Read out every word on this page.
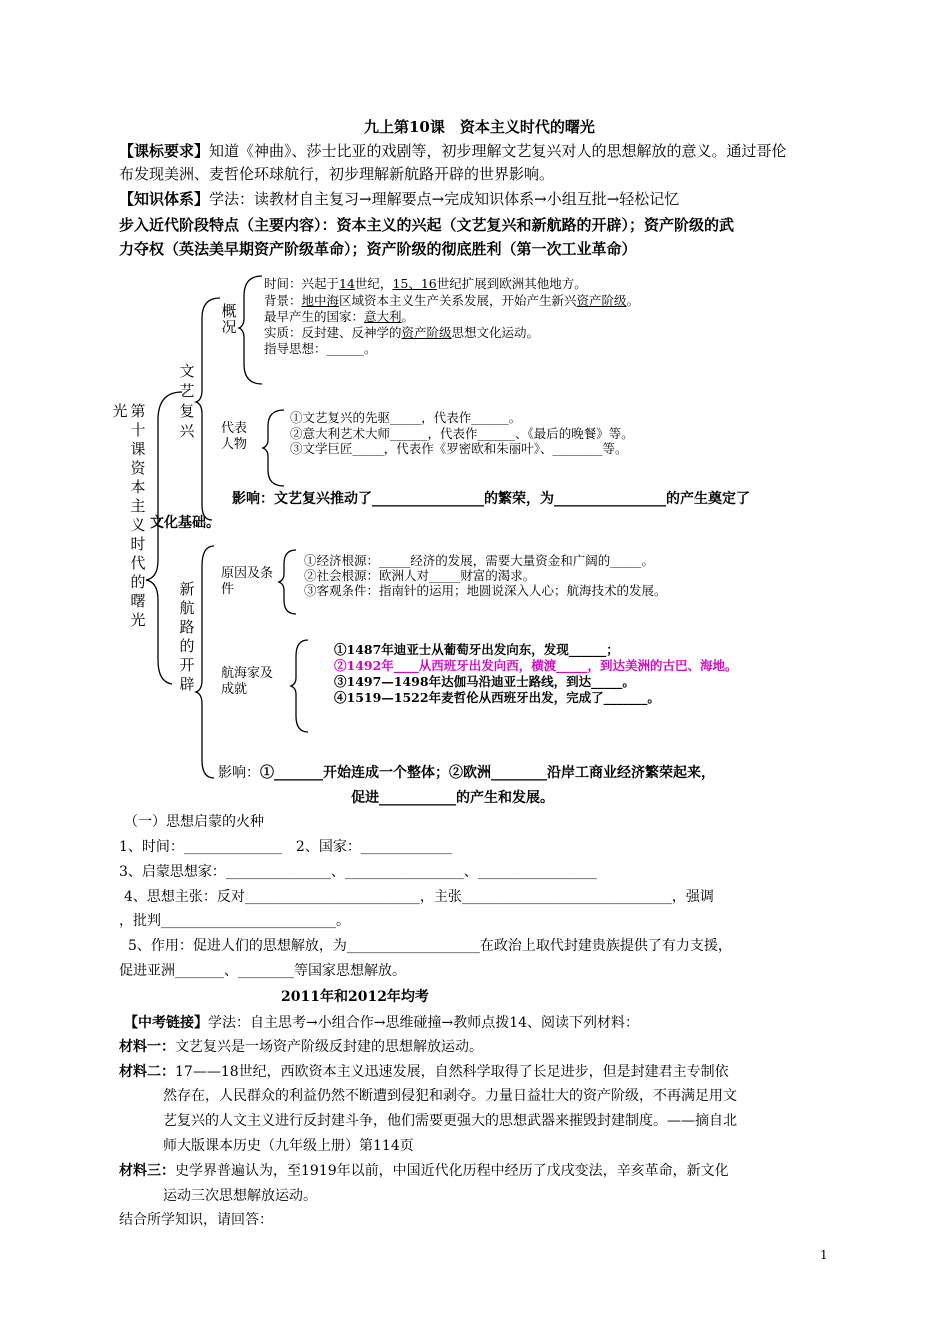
九上第10课　资本主义时代的曙光
【课标要求】知道《神曲》、莎士比亚的戏剧等，初步理解文艺复兴对人的思想解放的意义。通过哥伦
布发现美洲、麦哲伦环球航行，初步理解新航路开辟的世界影响。
【知识体系】学法：读教材自主复习→理解要点→完成知识体系→小组互批→轻松记忆
步入近代阶段特点（主要内容）：资本主义的兴起（文艺复兴和新航路的开辟）；资产阶级的武
力夺权（英法美早期资产阶级革命）；资产阶级的彻底胜利（第一次工业革命）
光 第十课资本主义时代的曙光
文艺复兴
概况
时间：兴起于14世纪，15、16世纪扩展到欧洲其他地方。
背景：地中海区域资本主义生产关系发展，开始产生新兴资产阶级。
最早产生的国家：意大利。
实质：反封建、反神学的资产阶级思想文化运动。
指导思想：______。
代表人物
①文艺复兴的先驱_____，代表作______。
②意大利艺术大师______，代表作______、《最后的晚餐》等。
③文学巨匠_____，代表作《罗密欧和朱丽叶》、________等。
影响：文艺复兴推动了________________的繁荣，为________________的产生奠定了
文化基础。
新航路的开辟
原因及条件
①经济根源：_____经济的发展，需要大量资金和广阔的_____。
②社会根源：欧洲人对_____财富的渴求。
③客观条件：指南针的运用；地圆说深入人心；航海技术的发展。
航海家及成就
①1487年迪亚士从葡萄牙出发向东，发现______；
②1492年____从西班牙出发向西，横渡_____，到达美洲的古巴、海地。
③1497—1498年达伽马沿迪亚士路线，到达_____。
④1519—1522年麦哲伦从西班牙出发，完成了_______。
影响：①_______开始连成一个整体；②欧洲________沿岸工商业经济繁荣起来，
促进___________的产生和发展。
（一）思想启蒙的火种
1、时间：______________　2、国家：_____________
3、启蒙思想家：_______________、_________________、_________________
4、思想主张：反对_________________________，主张______________________________，强调
，批判_________________________。
5、作用：促进人们的思想解放，为___________________在政治上取代封建贵族提供了有力支援，
促进亚洲_______、________等国家思想解放。
2011年和2012年均考
【中考链接】学法：自主思考→小组合作→思维碰撞→教师点拨14、阅读下列材料：
材料一：文艺复兴是一场资产阶级反封建的思想解放运动。
材料二：17——18世纪，西欧资本主义迅速发展，自然科学取得了长足进步，但是封建君主专制依
然存在，人民群众的利益仍然不断遭到侵犯和剥夺。力量日益壮大的资产阶级，不再满足用文
艺复兴的人文主义进行反封建斗争，他们需要更强大的思想武器来摧毁封建制度。——摘自北
师大版课本历史（九年级上册）第114页
材料三：史学界普遍认为，至1919年以前，中国近代化历程中经历了戊戌变法，辛亥革命，新文化
运动三次思想解放运动。
结合所学知识，请回答：
1
